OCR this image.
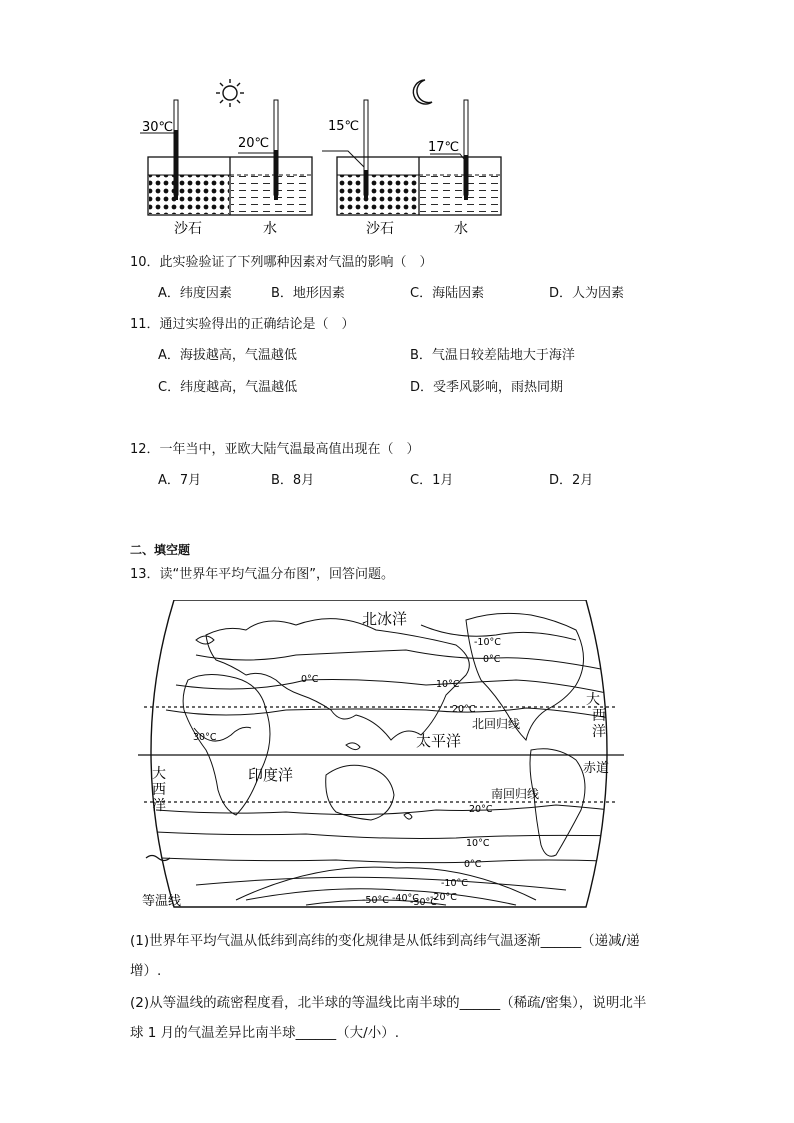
30℃
20℃
沙石	水
15℃
17℃
沙石	水
10．此实验验证了下列哪种因素对气温的影响（　）
A．纬度因素	B．地形因素	C．海陆因素	D．人为因素
11．通过实验得出的正确结论是（　）
A．海拔越高，气温越低	B．气温日较差陆地大于海洋
C．纬度越高，气温越低	D．受季风影响，雨热同期
12．一年当中，亚欧大陆气温最高值出现在（　）
A．7月	B．8月	C．1月	D．2月
二、填空题
13．读“世界年平均气温分布图”，回答问题。
北冰洋
太平洋
印度洋
大
西
洋
大
西
洋
北回归线
南回归线
赤道
-10°C
0°C
0°C	10°C
20°C
30°C
20°C
10°C
0°C
-10°C
-20°C
-50°C -40°C
-30°C
等温线
(1)世界年平均气温从低纬到高纬的变化规律是从低纬到高纬气温逐渐______（递减/递
增）.
(2)从等温线的疏密程度看，北半球的等温线比南半球的______（稀疏/密集），说明北半
球 1 月的气温差异比南半球______（大/小）.
